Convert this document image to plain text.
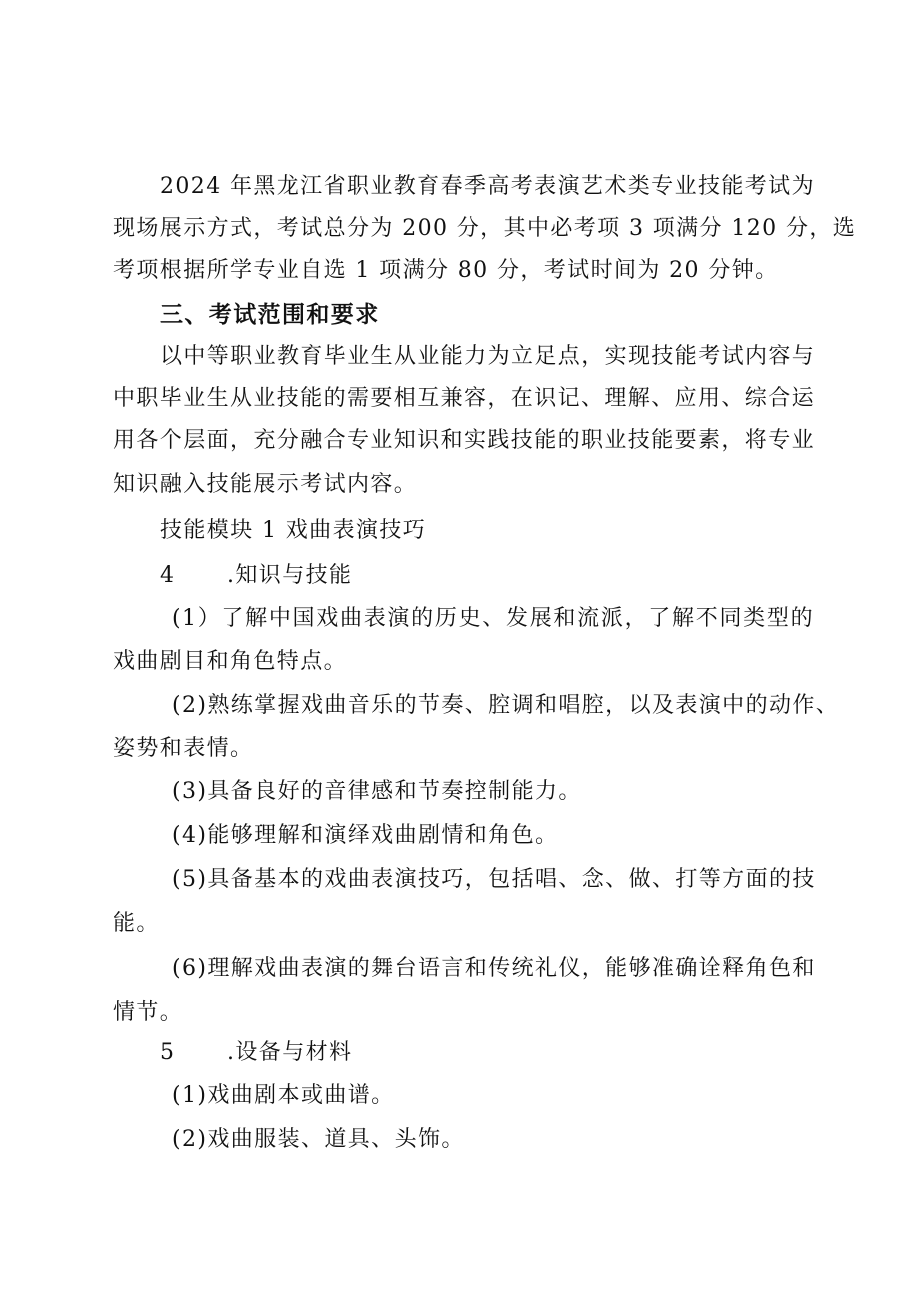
2024 年黑龙江省职业教育春季高考表演艺术类专业技能考试为
现场展示方式，考试总分为 200 分，其中必考项 3 项满分 120 分，选
考项根据所学专业自选 1 项满分 80 分，考试时间为 20 分钟。
三、考试范围和要求
以中等职业教育毕业生从业能力为立足点，实现技能考试内容与
中职毕业生从业技能的需要相互兼容，在识记、理解、应用、综合运
用各个层面，充分融合专业知识和实践技能的职业技能要素，将专业
知识融入技能展示考试内容。
技能模块 1 戏曲表演技巧
4	.知识与技能
(1）了解中国戏曲表演的历史、发展和流派，了解不同类型的
戏曲剧目和角色特点。
(2)熟练掌握戏曲音乐的节奏、腔调和唱腔，以及表演中的动作、
姿势和表情。
(3)具备良好的音律感和节奏控制能力。
(4)能够理解和演绎戏曲剧情和角色。
(5)具备基本的戏曲表演技巧，包括唱、念、做、打等方面的技
能。
(6)理解戏曲表演的舞台语言和传统礼仪，能够准确诠释角色和
情节。
5	.设备与材料
(1)戏曲剧本或曲谱。
(2)戏曲服装、道具、头饰。
